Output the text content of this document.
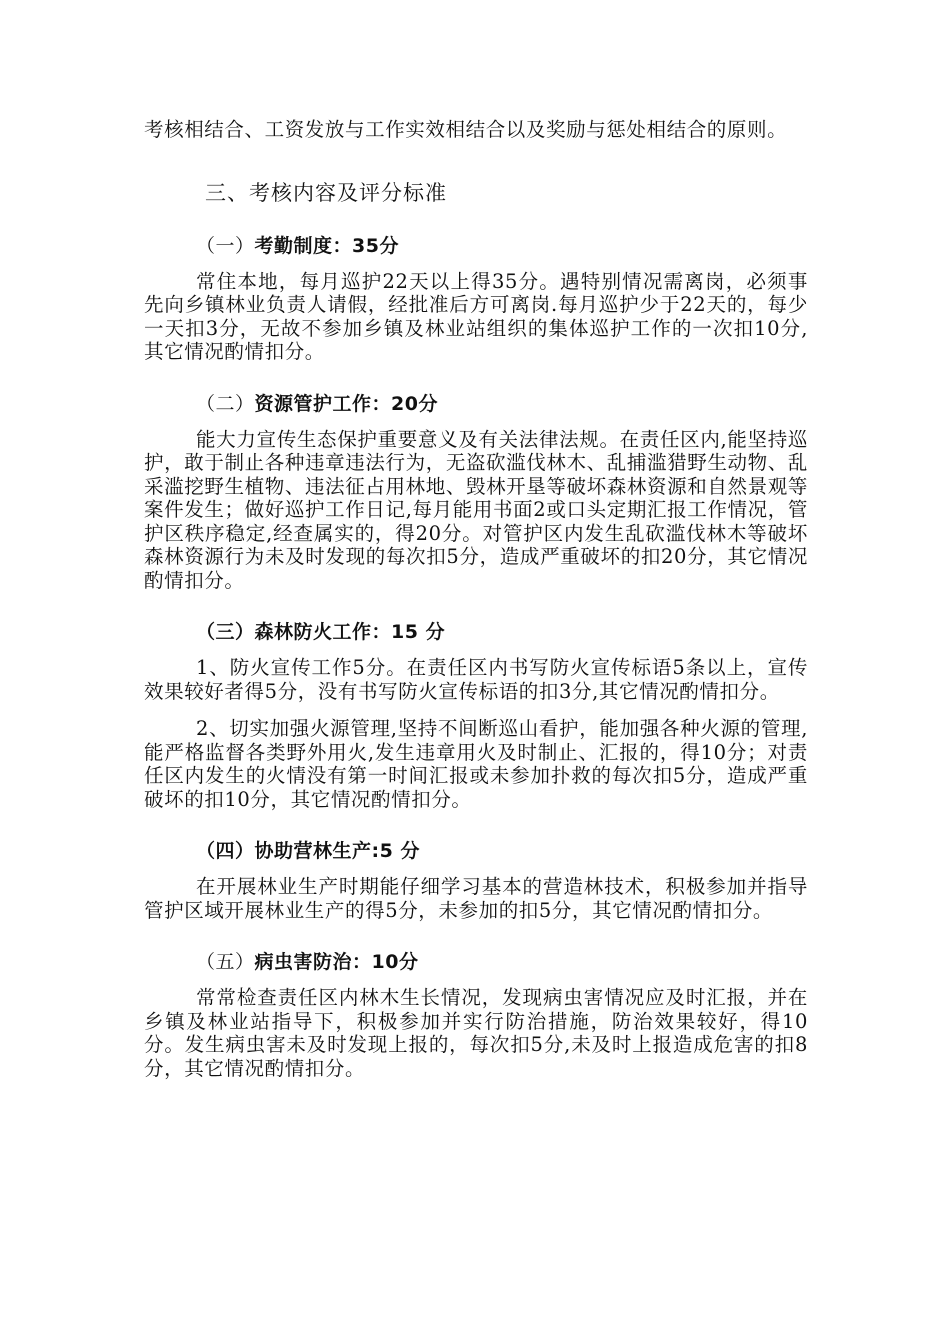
考核相结合、工资发放与工作实效相结合以及奖励与惩处相结合的原则。

三、考核内容及评分标准
（一）考勤制度：35分

常住本地，每月巡护22天以上得35分。遇特别情况需离岗，必须事先向乡镇林业负责人请假，经批准后方可离岗.每月巡护少于22天的，每少一天扣3分，无故不参加乡镇及林业站组织的集体巡护工作的一次扣10分,其它情况酌情扣分。

（二）资源管护工作：20分

能大力宣传生态保护重要意义及有关法律法规。在责任区内,能坚持巡护，敢于制止各种违章违法行为，无盗砍滥伐林木、乱捕滥猎野生动物、乱采滥挖野生植物、违法征占用林地、毁林开垦等破坏森林资源和自然景观等案件发生；做好巡护工作日记,每月能用书面2或口头定期汇报工作情况，管护区秩序稳定,经查属实的，得20分。对管护区内发生乱砍滥伐林木等破坏森林资源行为未及时发现的每次扣5分，造成严重破坏的扣20分，其它情况酌情扣分。

（三）森林防火工作：15 分

1、防火宣传工作5分。在责任区内书写防火宣传标语5条以上，宣传效果较好者得5分，没有书写防火宣传标语的扣3分,其它情况酌情扣分。

2、切实加强火源管理,坚持不间断巡山看护，能加强各种火源的管理,能严格监督各类野外用火,发生违章用火及时制止、汇报的，得10分；对责任区内发生的火情没有第一时间汇报或未参加扑救的每次扣5分，造成严重破坏的扣10分，其它情况酌情扣分。

（四）协助营林生产:5 分

在开展林业生产时期能仔细学习基本的营造林技术，积极参加并指导管护区域开展林业生产的得5分，未参加的扣5分，其它情况酌情扣分。

（五）病虫害防治：10分

常常检查责任区内林木生长情况，发现病虫害情况应及时汇报，并在乡镇及林业站指导下，积极参加并实行防治措施，防治效果较好，得10分。发生病虫害未及时发现上报的，每次扣5分,未及时上报造成危害的扣8分，其它情况酌情扣分。
